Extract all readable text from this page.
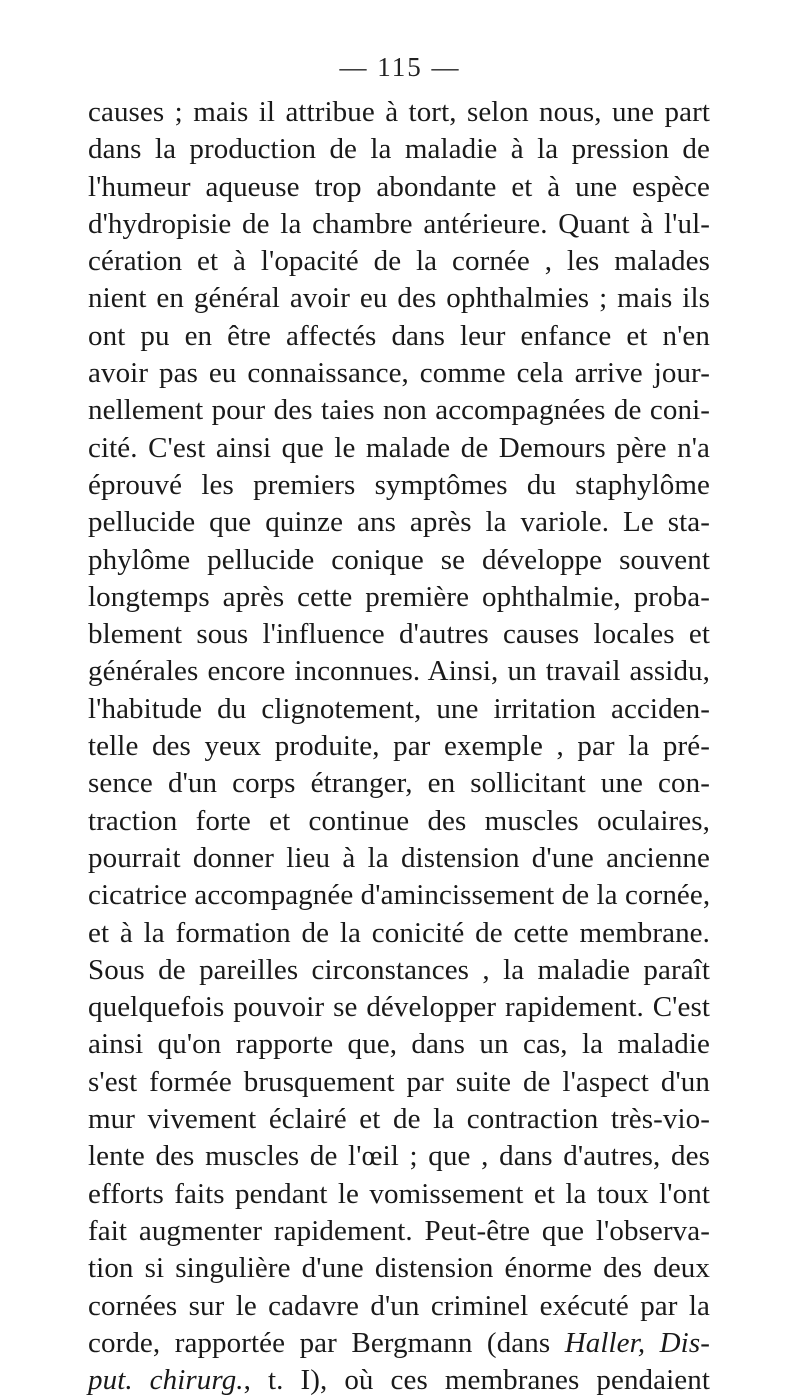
— 115 —
causes ; mais il attribue à tort, selon nous, une part
dans la production de la maladie à la pression de
l'humeur aqueuse trop abondante et à une espèce
d'hydropisie de la chambre antérieure. Quant à l'ul-
cération et à l'opacité de la cornée , les malades
nient en général avoir eu des ophthalmies ; mais ils
ont pu en être affectés dans leur enfance et n'en
avoir pas eu connaissance, comme cela arrive jour-
nellement pour des taies non accompagnées de coni-
cité. C'est ainsi que le malade de Demours père n'a
éprouvé les premiers symptômes du staphylôme
pellucide que quinze ans après la variole. Le sta-
phylôme pellucide conique se développe souvent
longtemps après cette première ophthalmie, proba-
blement sous l'influence d'autres causes locales et
générales encore inconnues. Ainsi, un travail assidu,
l'habitude du clignotement, une irritation acciden-
telle des yeux produite, par exemple , par la pré-
sence d'un corps étranger, en sollicitant une con-
traction forte et continue des muscles oculaires,
pourrait donner lieu à la distension d'une ancienne
cicatrice accompagnée d'amincissement de la cornée,
et à la formation de la conicité de cette membrane.
Sous de pareilles circonstances , la maladie paraît
quelquefois pouvoir se développer rapidement. C'est
ainsi qu'on rapporte que, dans un cas, la maladie
s'est formée brusquement par suite de l'aspect d'un
mur vivement éclairé et de la contraction très-vio-
lente des muscles de l'œil ; que , dans d'autres, des
efforts faits pendant le vomissement et la toux l'ont
fait augmenter rapidement. Peut-être que l'observa-
tion si singulière d'une distension énorme des deux
cornées sur le cadavre d'un criminel exécuté par la
corde, rapportée par Bergmann (dans Haller, Dis-
put. chirurg., t. I), où ces membranes pendaient
